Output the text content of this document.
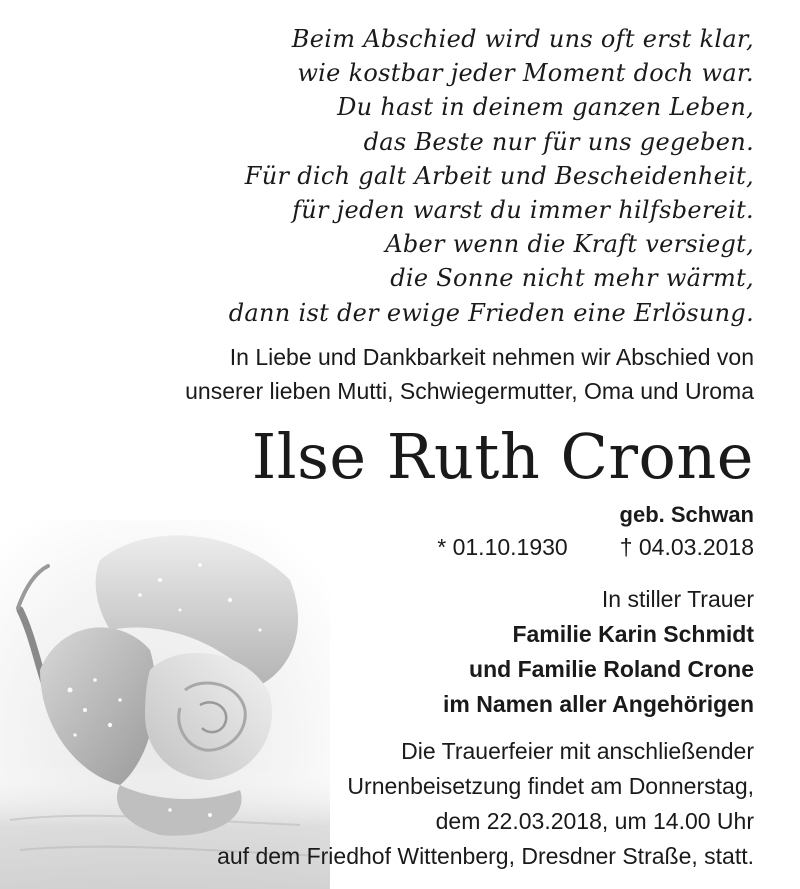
Beim Abschied wird uns oft erst klar,
wie kostbar jeder Moment doch war.
Du hast in deinem ganzen Leben,
das Beste nur für uns gegeben.
Für dich galt Arbeit und Bescheidenheit,
für jeden warst du immer hilfsbereit.
Aber wenn die Kraft versiegt,
die Sonne nicht mehr wärmt,
dann ist der ewige Frieden eine Erlösung.
In Liebe und Dankbarkeit nehmen wir Abschied von
unserer lieben Mutti, Schwiegermutter, Oma und Uroma
Ilse Ruth Crone
geb. Schwan
* 01.10.1930 † 04.03.2018
In stiller Trauer
Familie Karin Schmidt
und Familie Roland Crone
im Namen aller Angehörigen
Die Trauerfeier mit anschließender
Urnenbeisetzung findet am Donnerstag,
dem 22.03.2018, um 14.00 Uhr
auf dem Friedhof Wittenberg, Dresdner Straße, statt.
